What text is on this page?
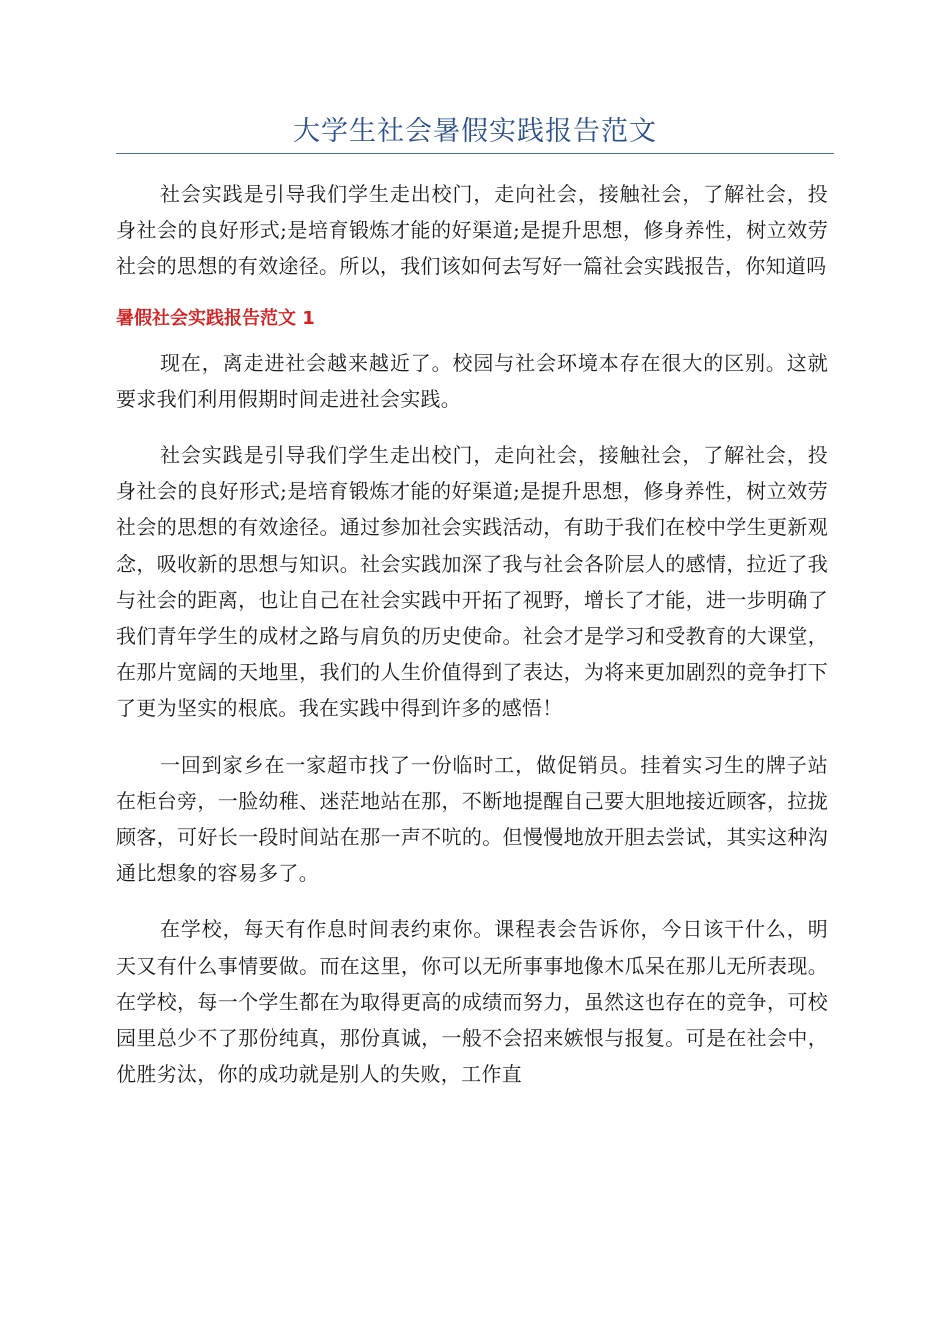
大学生社会暑假实践报告范文

社会实践是引导我们学生走出校门，走向社会，接触社会，了解社会，投身社会的良好形式;是培育锻炼才能的好渠道;是提升思想，修身养性，树立效劳社会的思想的有效途径。所以，我们该如何去写好一篇社会实践报告，你知道吗

暑假社会实践报告范文 1

现在，离走进社会越来越近了。校园与社会环境本存在很大的区别。这就要求我们利用假期时间走进社会实践。

社会实践是引导我们学生走出校门，走向社会，接触社会，了解社会，投身社会的良好形式;是培育锻炼才能的好渠道;是提升思想，修身养性，树立效劳社会的思想的有效途径。通过参加社会实践活动，有助于我们在校中学生更新观念，吸收新的思想与知识。社会实践加深了我与社会各阶层人的感情，拉近了我与社会的距离，也让自己在社会实践中开拓了视野，增长了才能，进一步明确了我们青年学生的成材之路与肩负的历史使命。社会才是学习和受教育的大课堂，在那片宽阔的天地里，我们的人生价值得到了表达，为将来更加剧烈的竞争打下了更为坚实的根底。我在实践中得到许多的感悟！

一回到家乡在一家超市找了一份临时工，做促销员。挂着实习生的牌子站在柜台旁，一脸幼稚、迷茫地站在那，不断地提醒自己要大胆地接近顾客，拉拢顾客，可好长一段时间站在那一声不吭的。但慢慢地放开胆去尝试，其实这种沟通比想象的容易多了。

在学校，每天有作息时间表约束你。课程表会告诉你，今日该干什么，明天又有什么事情要做。而在这里，你可以无所事事地像木瓜呆在那儿无所表现。在学校，每一个学生都在为取得更高的成绩而努力，虽然这也存在的竞争，可校园里总少不了那份纯真，那份真诚，一般不会招来嫉恨与报复。可是在社会中，优胜劣汰，你的成功就是别人的失败，工作直
